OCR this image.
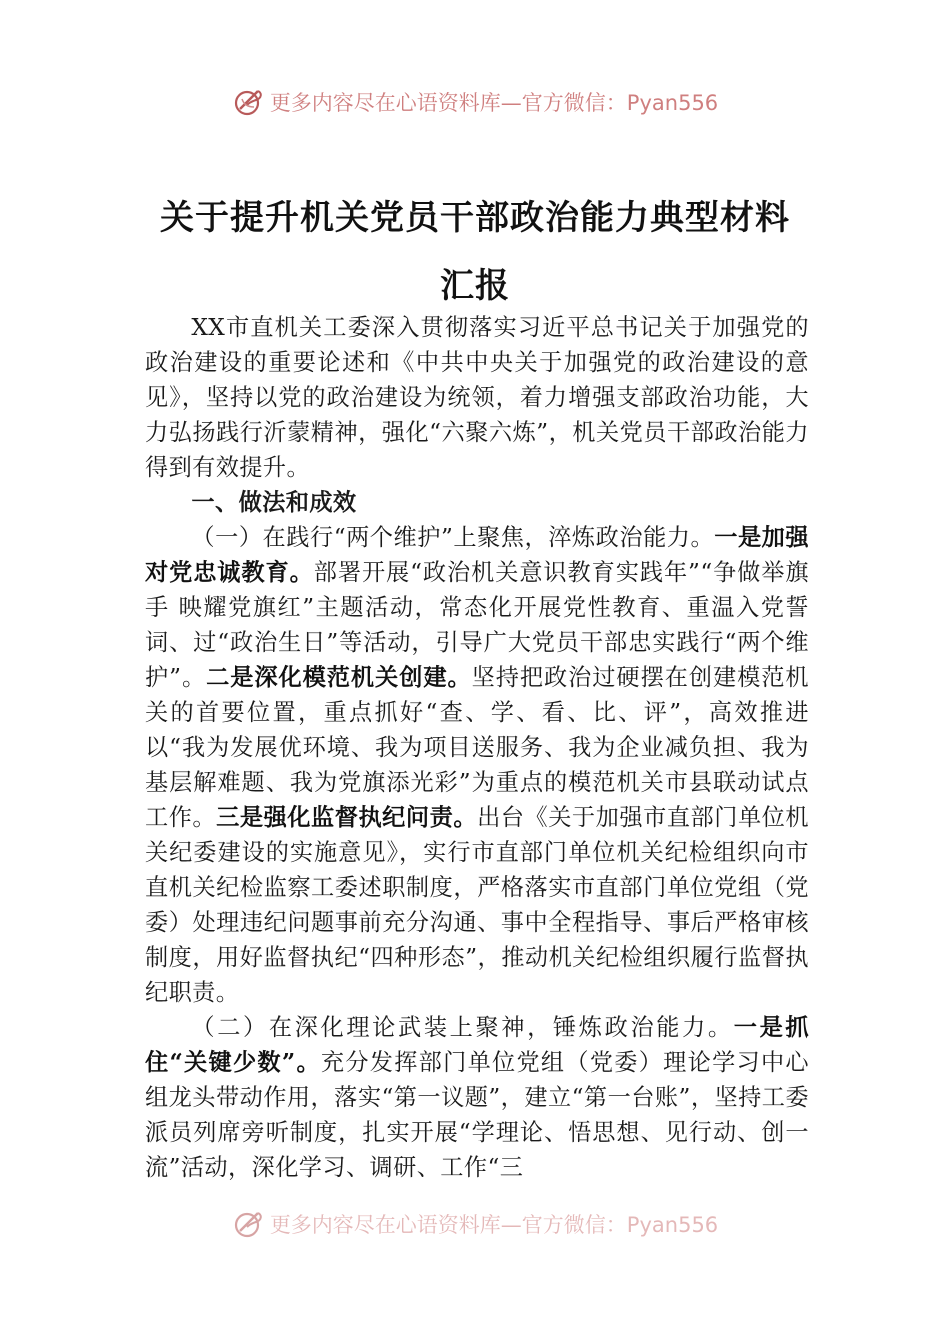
更多内容尽在心语资料库—官方微信：Pyan556
关于提升机关党员干部政治能力典型材料
汇报

XX市直机关工委深入贯彻落实习近平总书记关于加强党的政治建设的重要论述和《中共中央关于加强党的政治建设的意见》，坚持以党的政治建设为统领，着力增强支部政治功能，大力弘扬践行沂蒙精神，强化“六聚六炼”，机关党员干部政治能力得到有效提升。

一、做法和成效

（一）在践行“两个维护”上聚焦，淬炼政治能力。一是加强对党忠诚教育。部署开展“政治机关意识教育实践年”“争做举旗手 映耀党旗红”主题活动，常态化开展党性教育、重温入党誓词、过“政治生日”等活动，引导广大党员干部忠实践行“两个维护”。二是深化模范机关创建。坚持把政治过硬摆在创建模范机关的首要位置，重点抓好“查、学、看、比、评”，高效推进以“我为发展优环境、我为项目送服务、我为企业减负担、我为基层解难题、我为党旗添光彩”为重点的模范机关市县联动试点工作。三是强化监督执纪问责。出台《关于加强市直部门单位机关纪委建设的实施意见》，实行市直部门单位机关纪检组织向市直机关纪检监察工委述职制度，严格落实市直部门单位党组（党委）处理违纪问题事前充分沟通、事中全程指导、事后严格审核制度，用好监督执纪“四种形态”，推动机关纪检组织履行监督执纪职责。

（二）在深化理论武装上聚神，锤炼政治能力。一是抓住“关键少数”。充分发挥部门单位党组（党委）理论学习中心组龙头带动作用，落实“第一议题”，建立“第一台账”，坚持工委派员列席旁听制度，扎实开展“学理论、悟思想、见行动、创一流”活动，深化学习、调研、工作“三

更多内容尽在心语资料库—官方微信：Pyan556
